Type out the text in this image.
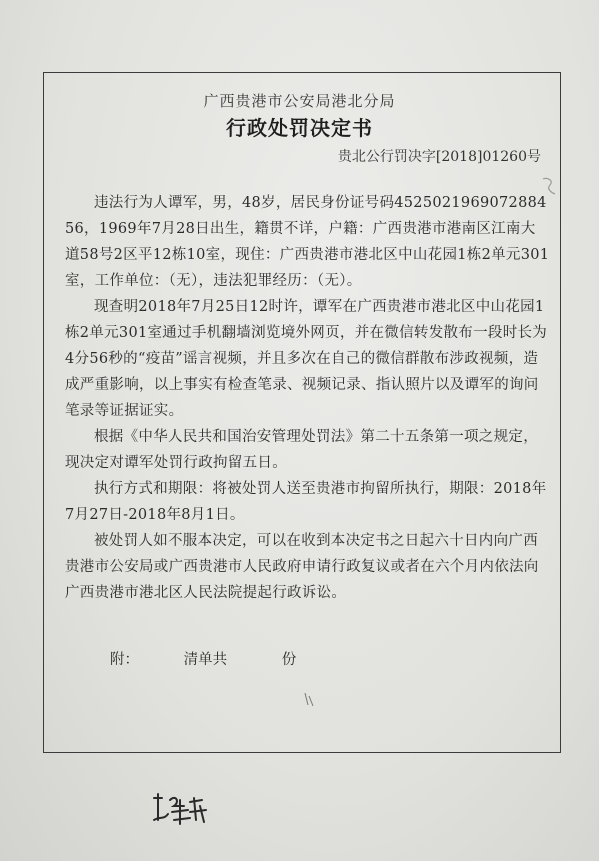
广西贵港市公安局港北分局
行政处罚决定书
贵北公行罚决字[2018]01260号

违法行为人谭军，男，48岁，居民身份证号码452502196907288456，1969年7月28日出生，籍贯不详，户籍：广西贵港市港南区江南大道58号2区平12栋10室，现住：广西贵港市港北区中山花园1栋2单元301室，工作单位：（无），违法犯罪经历：（无）。

现查明2018年7月25日12时许，谭军在广西贵港市港北区中山花园1栋2单元301室通过手机翻墙浏览境外网页，并在微信转发散布一段时长为4分56秒的“疫苗”谣言视频，并且多次在自己的微信群散布涉政视频，造成严重影响，以上事实有检查笔录、视频记录、指认照片以及谭军的询问笔录等证据证实。

根据《中华人民共和国治安管理处罚法》第二十五条第一项之规定，现决定对谭军处罚行政拘留五日。

执行方式和期限：将被处罚人送至贵港市拘留所执行，期限：2018年7月27日-2018年8月1日。

被处罚人如不服本决定，可以在收到本决定书之日起六十日内向广西贵港市公安局或广西贵港市人民政府申请行政复议或者在六个月内依法向广西贵港市港北区人民法院提起行政诉讼。

附：	清单共	份
